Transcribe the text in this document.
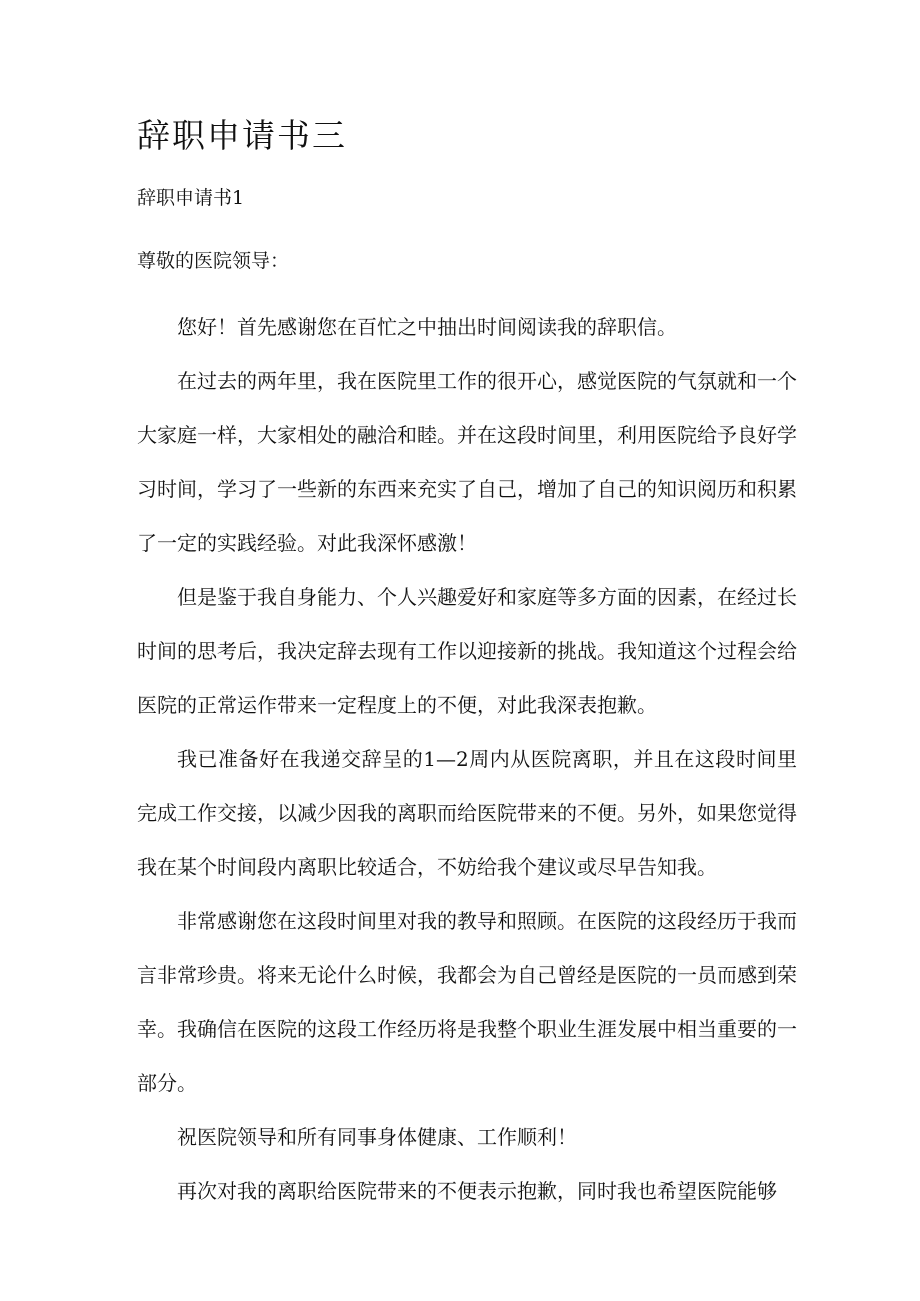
辞职申请书三
辞职申请书1
尊敬的医院领导：

您好！首先感谢您在百忙之中抽出时间阅读我的辞职信。

在过去的两年里，我在医院里工作的很开心，感觉医院的气氛就和一个大家庭一样，大家相处的融洽和睦。并在这段时间里，利用医院给予良好学习时间，学习了一些新的东西来充实了自己，增加了自己的知识阅历和积累了一定的实践经验。对此我深怀感激！

但是鉴于我自身能力、个人兴趣爱好和家庭等多方面的因素，在经过长时间的思考后，我决定辞去现有工作以迎接新的挑战。我知道这个过程会给医院的正常运作带来一定程度上的不便，对此我深表抱歉。

我已准备好在我递交辞呈的1—2周内从医院离职，并且在这段时间里完成工作交接，以减少因我的离职而给医院带来的不便。另外，如果您觉得我在某个时间段内离职比较适合，不妨给我个建议或尽早告知我。

非常感谢您在这段时间里对我的教导和照顾。在医院的这段经历于我而言非常珍贵。将来无论什么时候，我都会为自己曾经是医院的一员而感到荣幸。我确信在医院的这段工作经历将是我整个职业生涯发展中相当重要的一部分。

祝医院领导和所有同事身体健康、工作顺利！

再次对我的离职给医院带来的不便表示抱歉，同时我也希望医院能够
